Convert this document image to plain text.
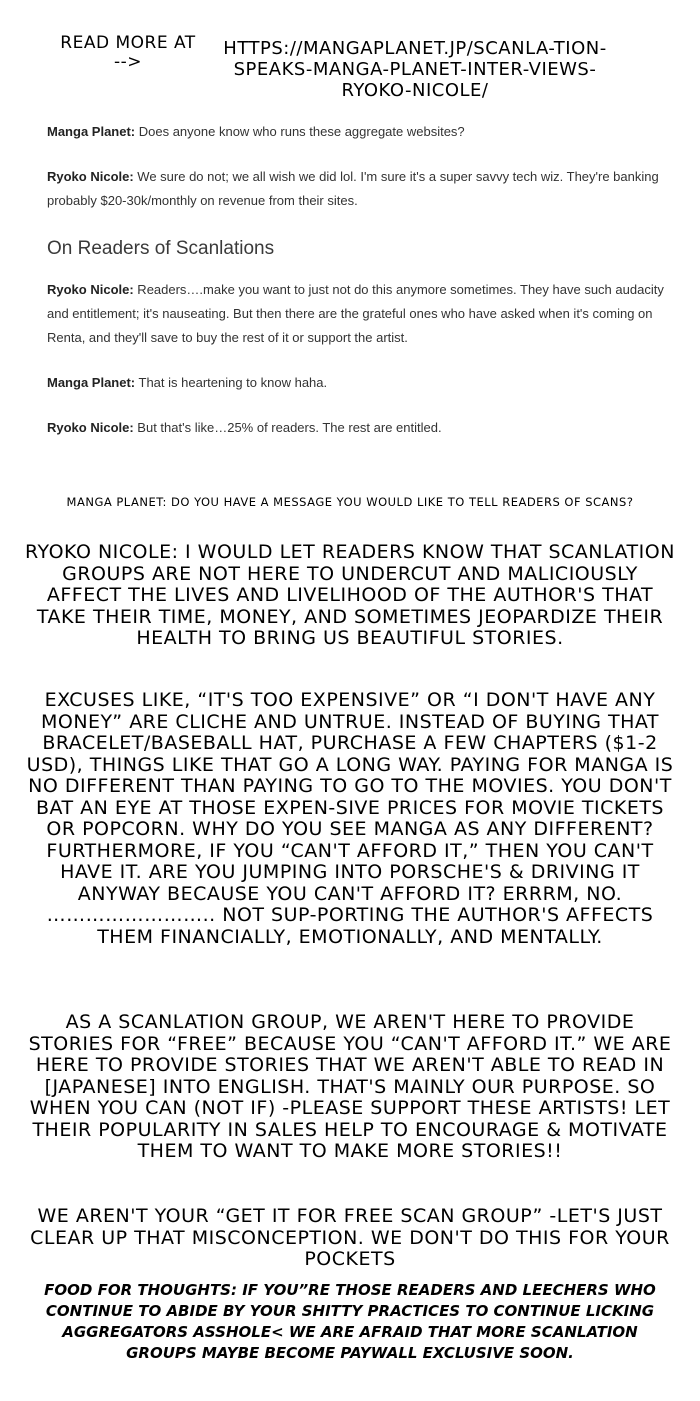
READ MORE AT -->
HTTPS://MANGAPLANET.JP/SCANLA-TION-SPEAKS-MANGA-PLANET-INTER-VIEWS-RYOKO-NICOLE/

Manga Planet: Does anyone know who runs these aggregate websites?

Ryoko Nicole: We sure do not; we all wish we did lol. I'm sure it's a super savvy tech wiz. They're banking probably $20-30k/monthly on revenue from their sites.

On Readers of Scanlations

Ryoko Nicole: Readers….make you want to just not do this anymore sometimes. They have such audacity and entitlement; it's nauseating. But then there are the grateful ones who have asked when it's coming on Renta, and they'll save to buy the rest of it or support the artist.

Manga Planet: That is heartening to know haha.

Ryoko Nicole: But that's like…25% of readers. The rest are entitled.

MANGA PLANET: DO YOU HAVE A MESSAGE YOU WOULD LIKE TO TELL READERS OF SCANS?
RYOKO NICOLE: I WOULD LET READERS KNOW THAT SCANLATION GROUPS ARE NOT HERE TO UNDERCUT AND MALICIOUSLY AFFECT THE LIVES AND LIVELIHOOD OF THE AUTHOR'S THAT TAKE THEIR TIME, MONEY, AND SOMETIMES JEOPARDIZE THEIR HEALTH TO BRING US BEAUTIFUL STORIES.
EXCUSES LIKE, “IT'S TOO EXPENSIVE” OR “I DON'T HAVE ANY MONEY” ARE CLICHE AND UNTRUE. INSTEAD OF BUYING THAT BRACELET/BASEBALL HAT, PURCHASE A FEW CHAPTERS ($1-2 USD), THINGS LIKE THAT GO A LONG WAY. PAYING FOR MANGA IS NO DIFFERENT THAN PAYING TO GO TO THE MOVIES. YOU DON'T BAT AN EYE AT THOSE EXPEN-SIVE PRICES FOR MOVIE TICKETS OR POPCORN. WHY DO YOU SEE MANGA AS ANY DIFFERENT? FURTHERMORE, IF YOU “CAN'T AFFORD IT,” THEN YOU CAN'T HAVE IT. ARE YOU JUMPING INTO PORSCHE'S & DRIVING IT ANYWAY BECAUSE YOU CAN'T AFFORD IT? ERRRM, NO. …………………….. NOT SUP-PORTING THE AUTHOR'S AFFECTS THEM FINANCIALLY, EMOTIONALLY, AND MENTALLY.
AS A SCANLATION GROUP, WE AREN'T HERE TO PROVIDE STORIES FOR “FREE” BECAUSE YOU “CAN'T AFFORD IT.” WE ARE HERE TO PROVIDE STORIES THAT WE AREN'T ABLE TO READ IN [JAPANESE] INTO ENGLISH. THAT'S MAINLY OUR PURPOSE. SO WHEN YOU CAN (NOT IF) -PLEASE SUPPORT THESE ARTISTS! LET THEIR POPULARITY IN SALES HELP TO ENCOURAGE & MOTIVATE THEM TO WANT TO MAKE MORE STORIES!!
WE AREN'T YOUR “GET IT FOR FREE SCAN GROUP” -LET'S JUST CLEAR UP THAT MISCONCEPTION. WE DON'T DO THIS FOR YOUR POCKETS
FOOD FOR THOUGHTS: IF YOU”RE THOSE READERS AND LEECHERS WHO CONTINUE TO ABIDE BY YOUR SHITTY PRACTICES TO CONTINUE LICKING AGGREGATORS ASSHOLE< WE ARE AFRAID THAT MORE SCANLATION GROUPS MAYBE BECOME PAYWALL EXCLUSIVE SOON.
